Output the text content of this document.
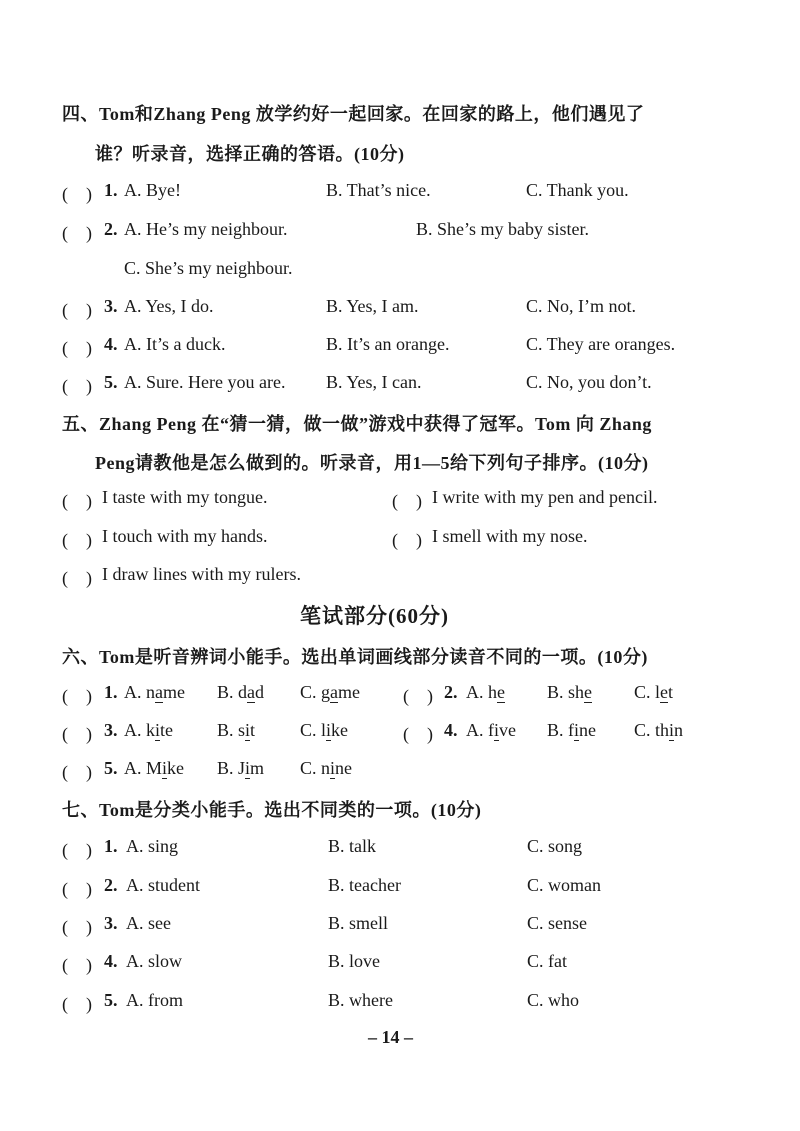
四、Tom和Zhang Peng 放学约好一起回家。在回家的路上，他们遇见了
谁？听录音，选择正确的答语。(10分)
(　) 1. A. Bye!	B. That’s nice.	C. Thank you.
(　) 2. A. He’s my neighbour.	B. She’s my baby sister.
C. She’s my neighbour.
(　) 3. A. Yes, I do.	B. Yes, I am.	C. No, I’m not.
(　) 4. A. It’s a duck.	B. It’s an orange.	C. They are oranges.
(　) 5. A. Sure. Here you are. B. Yes, I can.	C. No, you don’t.
五、Zhang Peng 在“猜一猜，做一做”游戏中获得了冠军。Tom 向 Zhang
Peng请教他是怎么做到的。听录音，用1—5给下列句子排序。(10分)
(　) I taste with my tongue.	(　) I write with my pen and pencil.
(　) I touch with my hands.	(　) I smell with my nose.
(　) I draw lines with my rulers.
笔试部分(60分)
六、Tom是听音辨词小能手。选出单词画线部分读音不同的一项。(10分)
(　) 1. A. name B. dad C. game (　) 2. A. he B. she C. let
(　) 3. A. kite B. sit C. like	(　) 4. A. five B. fine C. thin
(　) 5. A. Mike B. Jim C. nine
七、Tom是分类小能手。选出不同类的一项。(10分)
(　) 1. A. sing	B. talk	C. song
(　) 2. A. student	B. teacher	C. woman
(　) 3. A. see	B. smell	C. sense
(　) 4. A. slow	B. love	C. fat
(　) 5. A. from	B. where	C. who
– 14 –
